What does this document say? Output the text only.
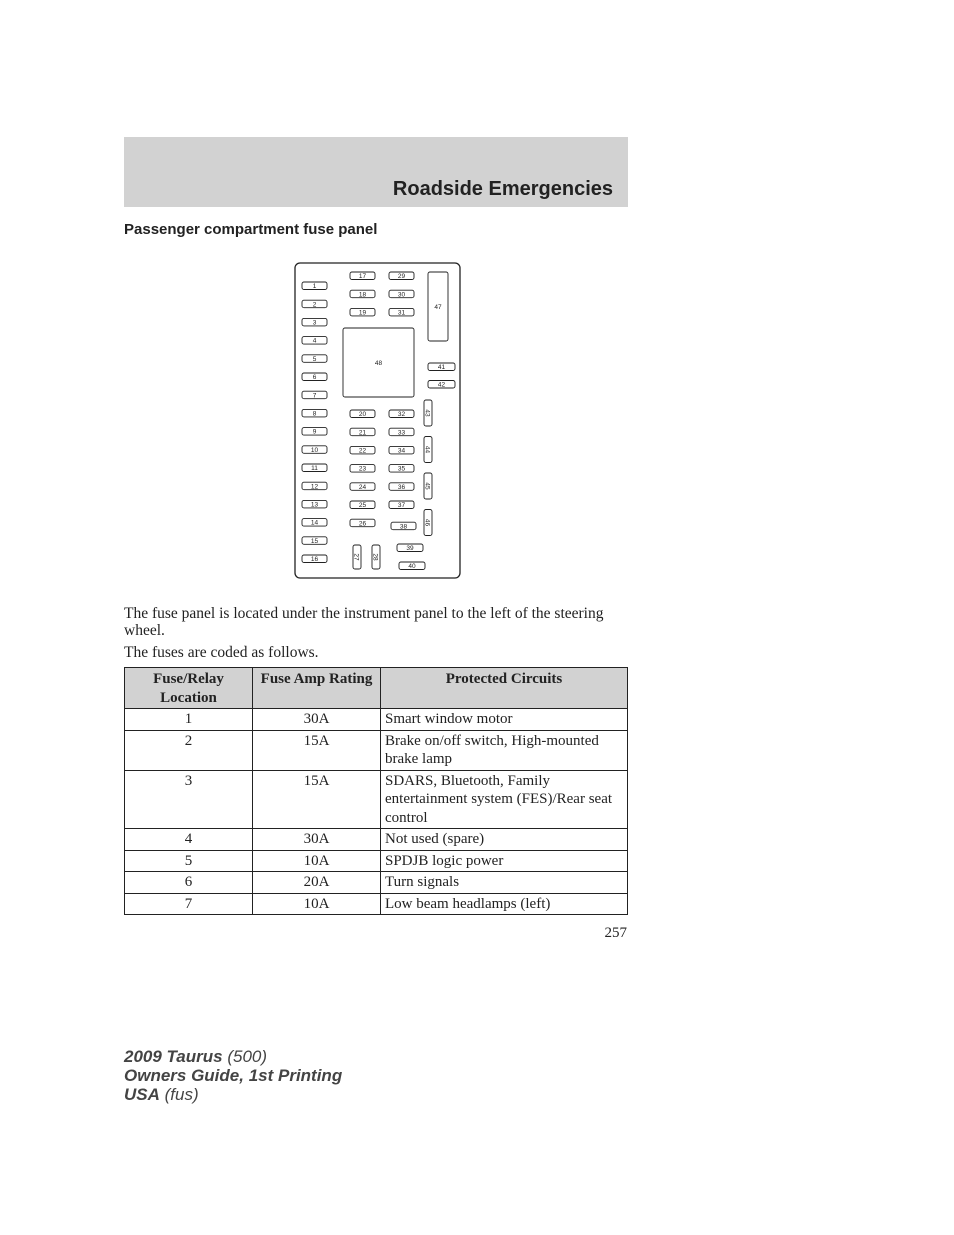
Roadside Emergencies
Passenger compartment fuse panel
1
2
3
4
5
6
7
8
9
10
11
12
13
14
15
16
17	29
18	30
19	31
48
47
41
42
20	32
21	33
22	34
23	35
24	36
25	37
26	38
43
44
45
46
27 28
39
40

The fuse panel is located under the instrument panel to the left of the steering wheel.

The fuses are coded as follows.

Fuse/Relay Location	Fuse Amp Rating	Protected Circuits
1	30A	Smart window motor
2	15A	Brake on/off switch, High-mounted brake lamp
3	15A	SDARS, Bluetooth, Family entertainment system (FES)/Rear seat control
4	30A	Not used (spare)
5	10A	SPDJB logic power
6	20A	Turn signals
7	10A	Low beam headlamps (left)
257
2009 Taurus (500)
Owners Guide, 1st Printing
USA (fus)
